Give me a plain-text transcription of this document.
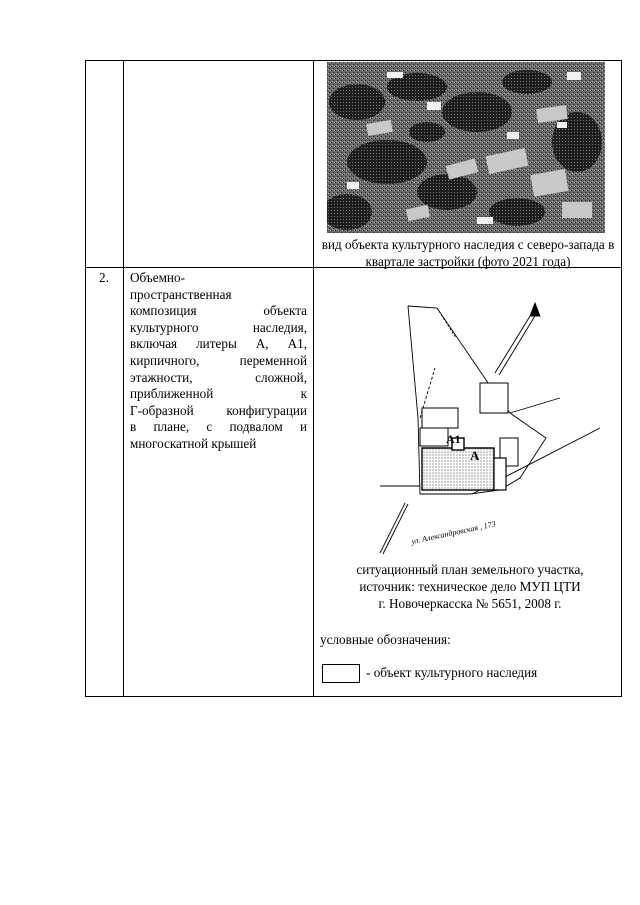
вид объекта культурного наследия с северо-запада в квартале застройки (фото 2021 года)
2.	Объемно-
пространственная
композиция объекта
культурного наследия,
включая литеры А, А1,
кирпичного, переменной
этажности, сложной,
приближенной к
Г-образной конфигурации
в плане, с подвалом и
многоскатной крышей
А
А1
ул. Александровская , 173
ситуационный план земельного участка,
источник: техническое дело МУП ЦТИ
г. Новочеркасска № 5651, 2008 г.
условные обозначения:
- объект культурного наследия
